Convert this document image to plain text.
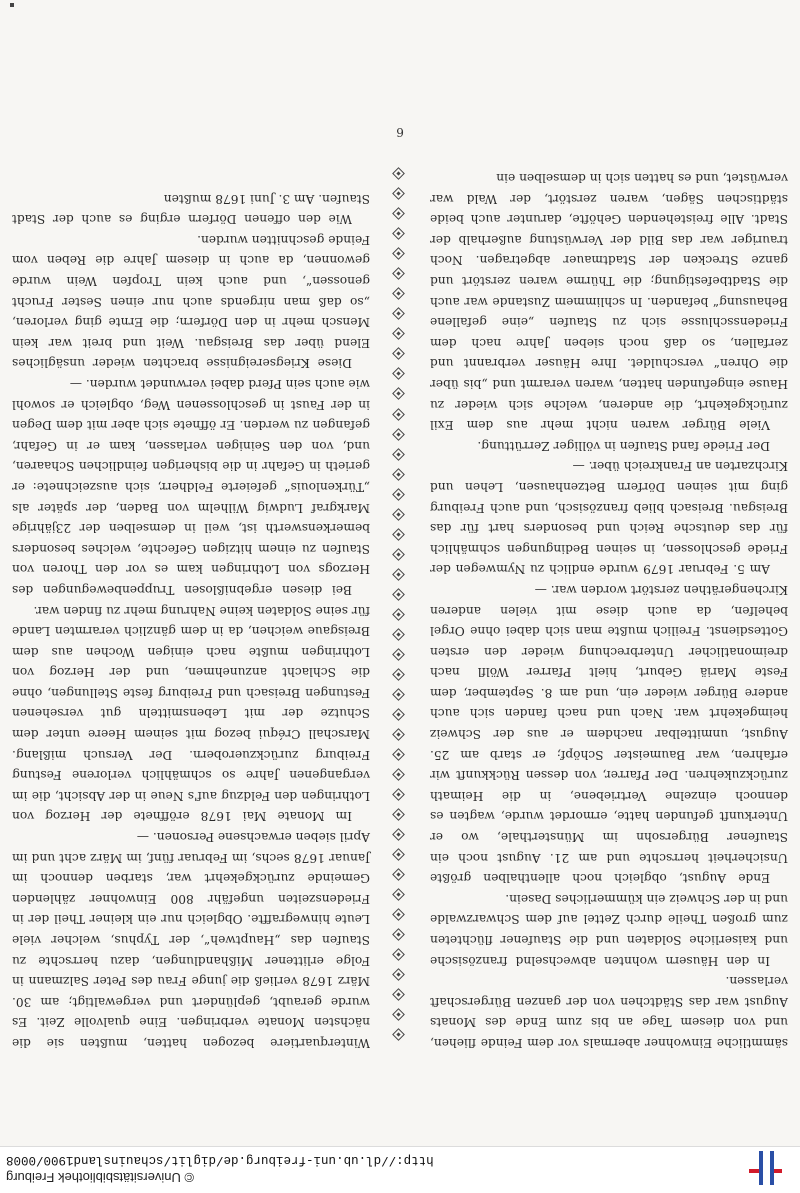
© Universitätsbibliothek Freiburg
http://dl.ub.uni-freiburg.de/diglit/schauinsland1900/0008
6

sämmtliche Einwohner abermals vor dem Feinde fliehen, und von diesem Tage an bis zum Ende des Monats August war das Städtchen von der ganzen Bürgerschaft verlassen.

In den Häusern wohnten abwechselnd französische und kaiserliche Soldaten und die Staufener flüchteten zum großen Theile durch Zettel auf dem Schwarzwalde und in der Schweiz ein kümmerliches Dasein.

Ende August, obgleich noch allenthalben größte Unsicherheit herrschte und am 21. August noch ein Staufener Bürgersohn im Münsterthale, wo er Unterkunft gefunden hatte, ermordet wurde, wagten es dennoch einzelne Vertriebene, in die Heimath zurückzukehren. Der Pfarrer, von dessen Rückkunft wir erfahren, war Baumeister Schöpf; er starb am 25. August, unmittelbar nachdem er aus der Schweiz heimgekehrt war. Nach und nach fanden sich auch andere Bürger wieder ein, und am 8. September, dem Feste Mariä Geburt, hielt Pfarrer Wölfl nach dreimonatlicher Unterbrechung wieder den ersten Gottesdienst. Freilich mußte man sich dabei ohne Orgel behelfen, da auch diese mit vielen anderen Kirchengeräthen zerstört worden war. —

Am 5. Februar 1679 wurde endlich zu Nymwegen der Friede geschlossen, in seinen Bedingungen schmählich für das deutsche Reich und besonders hart für das Breisgau. Breisach blieb französisch, und auch Freiburg ging mit seinen Dörfern Betzenhausen, Lehen und Kirchzarten an Frankreich über. —

Der Friede fand Staufen in völliger Zerrüttung.

Viele Bürger waren nicht mehr aus dem Exil zurückgekehrt, die anderen, welche sich wieder zu Hause eingefunden hatten, waren verarmt und „bis über die Ohren“ verschuldet. Ihre Häuser verbrannt und zerfallen, so daß noch sieben Jahre nach dem Friedensschlusse sich zu Staufen „eine gefallene Behausung“ befanden. In schlimmem Zustande war auch die Stadtbefestigung; die Thürme waren zerstört und ganze Strecken der Stadtmauer abgetragen. Noch trauriger war das Bild der Verwüstung außerhalb der Stadt. Alle freistehenden Gehöfte, darunter auch beide städtischen Sägen, waren zerstört, der Wald war verwüstet, und es hatten sich in demselben ein

Winterquartiere bezogen hatten, mußten sie die nächsten Monate verbringen. Eine qualvolle Zeit. Es wurde geraubt, geplündert und vergewaltigt; am 30. März 1678 verließ die junge Frau des Peter Salzmann in Folge erlittener Mißhandlungen, dazu herrschte zu Staufen das „Hauptweh“, der Typhus, welcher viele Leute hinwegraffte. Obgleich nur ein kleiner Theil der in Friedenszeiten ungefähr 800 Einwohner zählenden Gemeinde zurückgekehrt war, starben dennoch im Januar 1678 sechs, im Februar fünf, im März acht und im April sieben erwachsene Personen. —

Im Monate Mai 1678 eröffnete der Herzog von Lothringen den Feldzug auf's Neue in der Absicht, die im vergangenen Jahre so schmählich verlorene Festung Freiburg zurückzuerobern. Der Versuch mißlang. Marschall Créqui bezog mit seinem Heere unter dem Schutze der mit Lebensmitteln gut versehenen Festungen Breisach und Freiburg feste Stellungen, ohne die Schlacht anzunehmen, und der Herzog von Lothringen mußte nach einigen Wochen aus dem Breisgaue weichen, da in dem gänzlich verarmten Lande für seine Soldaten keine Nahrung mehr zu finden war.

Bei diesen ergebnißlosen Truppenbewegungen des Herzogs von Lothringen kam es vor den Thoren von Staufen zu einem hitzigen Gefechte, welches besonders bemerkenswerth ist, weil in demselben der 23jährige Markgraf Ludwig Wilhelm von Baden, der später als „Türkenlouis“ gefeierte Feldherr, sich auszeichnete: er gerieth in Gefahr in die bisherigen feindlichen Schaaren, und, von den Seinigen verlassen, kam er in Gefahr, gefangen zu werden. Er öffnete sich aber mit dem Degen in der Faust in geschlossenen Weg, obgleich er sowohl wie auch sein Pferd dabei verwundet wurden. —

Diese Kriegsereignisse brachten wieder unsägliches Elend über das Breisgau. Weit und breit war kein Mensch mehr in den Dörfern; die Ernte ging verloren, „so daß man nirgends auch nur einen Sester Frucht genossen“, und auch kein Tropfen Wein wurde gewonnen, da auch in diesem Jahre die Reben vom Feinde geschnitten wurden.

Wie den offenen Dörfern erging es auch der Stadt Staufen. Am 3. Juni 1678 mußten
